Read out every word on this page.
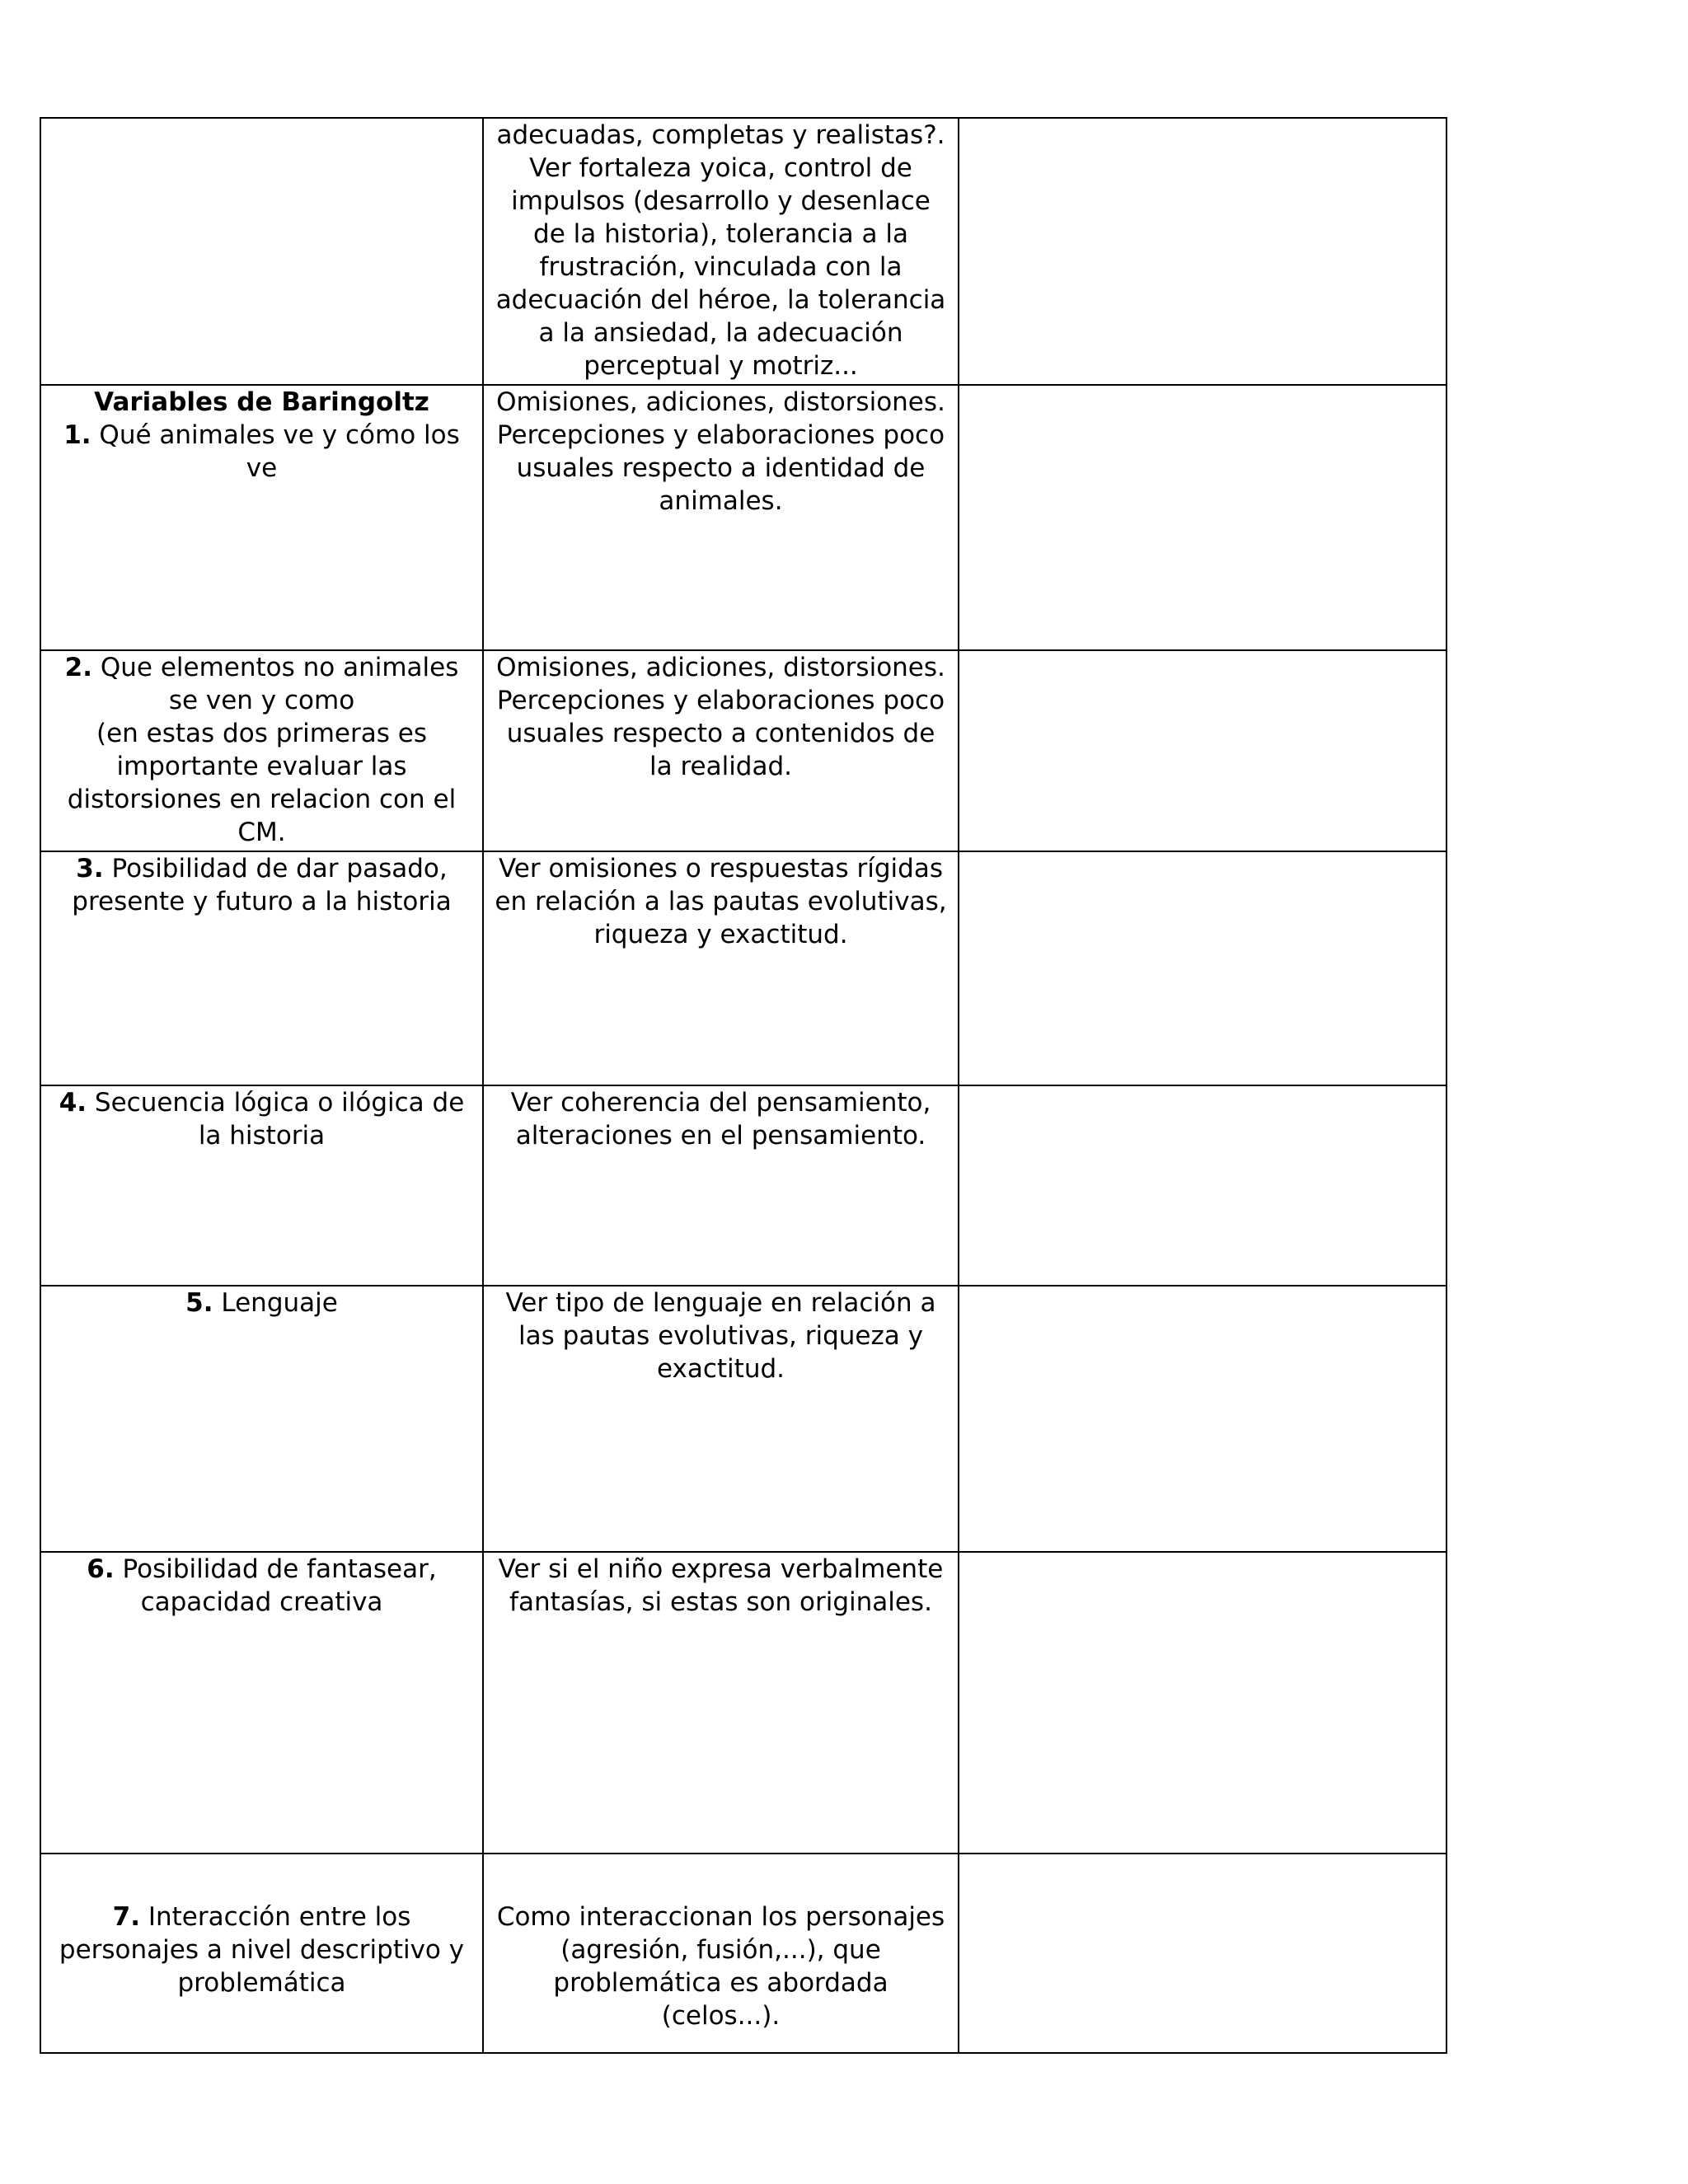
	adecuadas, completas y realistas?. Ver fortaleza yoica, control de impulsos (desarrollo y desenlace de la historia), tolerancia a la frustración, vinculada con la adecuación del héroe, la tolerancia a la ansiedad, la adecuación perceptual y motriz...	

Variables de Baringoltz
1. Qué animales ve y cómo los ve	Omisiones, adiciones, distorsiones. Percepciones y elaboraciones poco usuales respecto a identidad de animales.	
2. Que elementos no animales se ven y como
(en estas dos primeras es importante evaluar las distorsiones en relacion con el CM.	Omisiones, adiciones, distorsiones. Percepciones y elaboraciones poco usuales respecto a contenidos de la realidad.	
3. Posibilidad de dar pasado, presente y futuro a la historia	Ver omisiones o respuestas rígidas en relación a las pautas evolutivas, riqueza y exactitud.	
4. Secuencia lógica o ilógica de la historia	Ver coherencia del pensamiento, alteraciones en el pensamiento.	
5. Lenguaje	Ver tipo de lenguaje en relación a las pautas evolutivas, riqueza y exactitud.	
6. Posibilidad de fantasear, capacidad creativa	Ver si el niño expresa verbalmente fantasías, si estas son originales.	
7. Interacción entre los personajes a nivel descriptivo y problemática	Como interaccionan los personajes (agresión, fusión,...), que problemática es abordada (celos...).	
